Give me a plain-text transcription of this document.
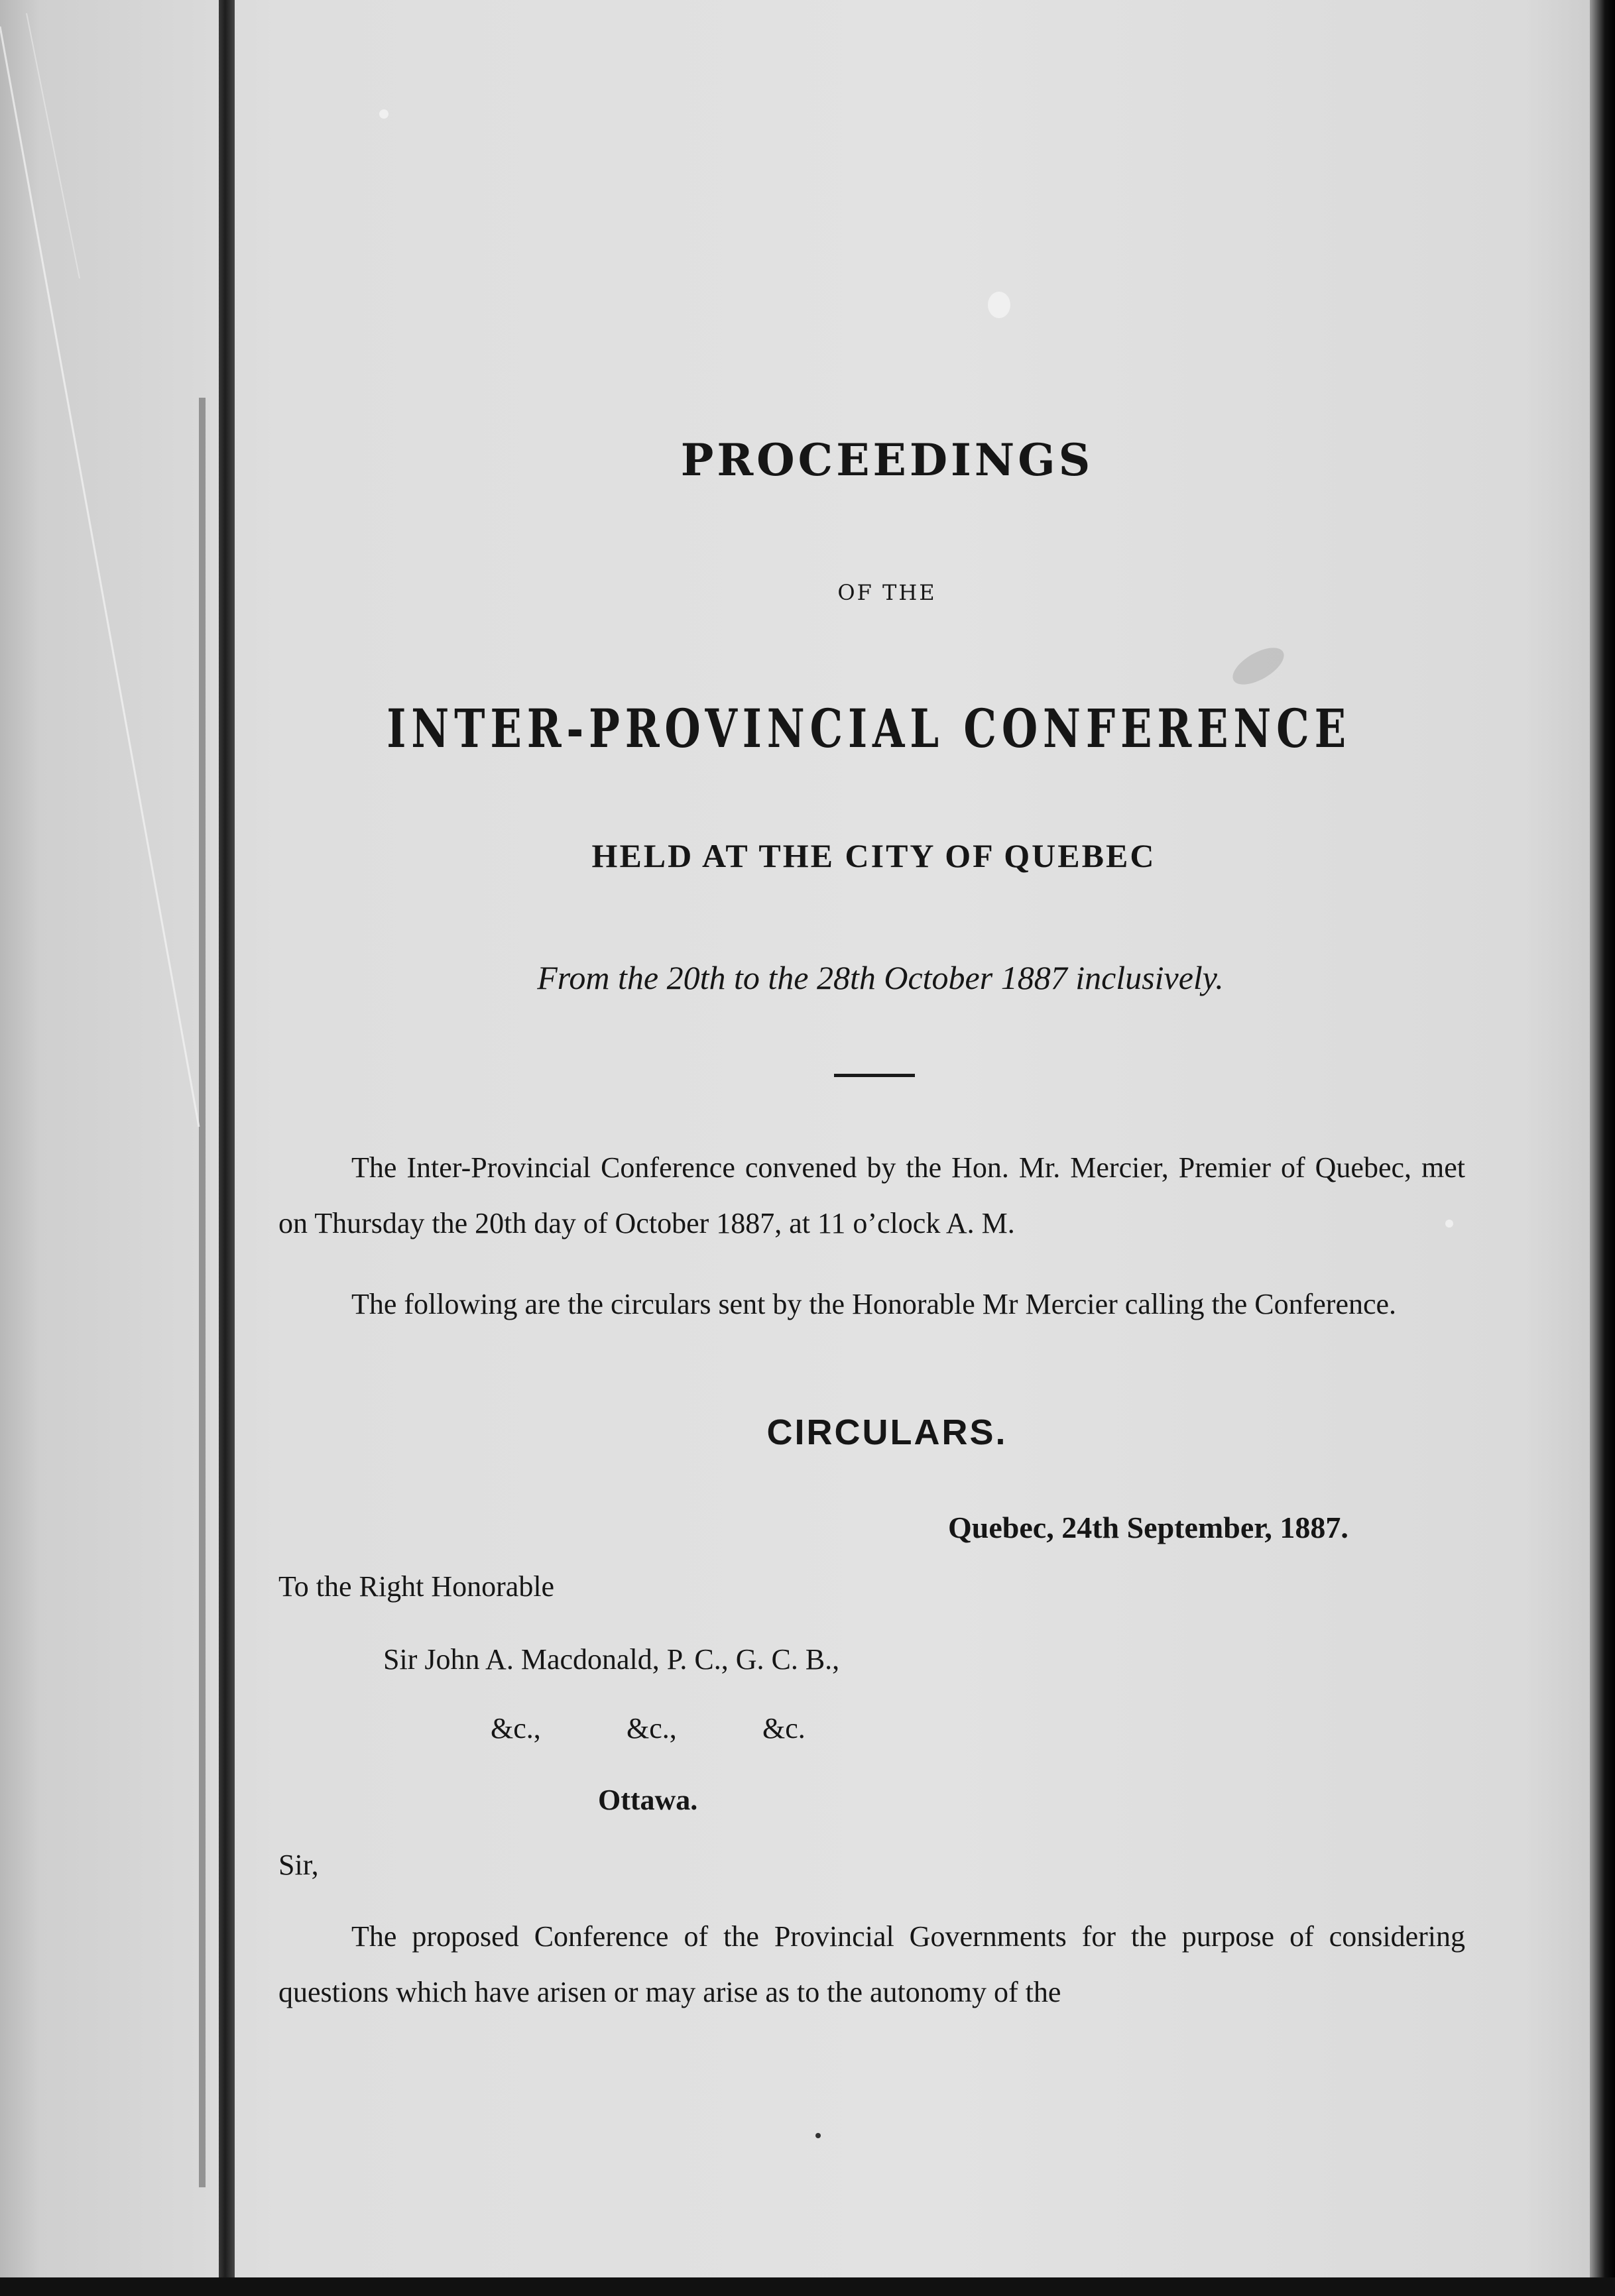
PROCEEDINGS

OF THE

INTER-PROVINCIAL CONFERENCE

HELD AT THE CITY OF QUEBEC

From the 20th to the 28th October 1887 inclusively.

The Inter-Provincial Conference convened by the Hon. Mr. Mercier, Premier of Quebec, met on Thursday the 20th day of October 1887, at 11 o’clock A. M.

The following are the circulars sent by the Honorable Mr Mercier calling the Conference.

CIRCULARS.

Quebec, 24th September, 1887.

To the Right Honorable

Sir John A. Macdonald, P. C., G. C. B.,

&c.,	&c.,	&c.

Ottawa.

Sir,

The proposed Conference of the Provincial Governments for the purpose of considering questions which have arisen or may arise as to the autonomy of the
